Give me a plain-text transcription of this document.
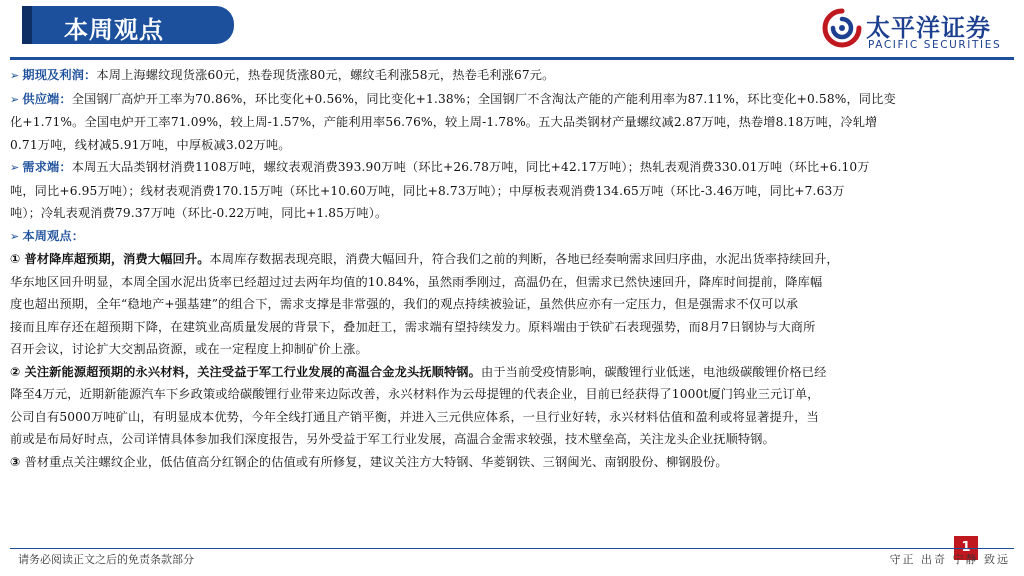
本周观点	太平洋证券
PACIFIC SECURITIES

➢ 期现及利润：本周上海螺纹现货涨60元，热卷现货涨80元，螺纹毛利涨58元，热卷毛利涨67元。

➢ 供应端：全国钢厂高炉开工率为70.86%，环比变化+0.56%，同比变化+1.38%；全国钢厂不含淘汰产能的产能利用率为87.11%，环比变化+0.58%，同比变

化+1.71%。全国电炉开工率71.09%，较上周-1.57%，产能利用率56.76%，较上周-1.78%。五大品类钢材产量螺纹减2.87万吨，热卷增8.18万吨，冷轧增

0.71万吨，线材减5.91万吨，中厚板减3.02万吨。

➢ 需求端：本周五大品类钢材消费1108万吨，螺纹表观消费393.90万吨（环比+26.78万吨，同比+42.17万吨）；热轧表观消费330.01万吨（环比+6.10万

吨，同比+6.95万吨）；线材表观消费170.15万吨（环比+10.60万吨，同比+8.73万吨）；中厚板表观消费134.65万吨（环比-3.46万吨，同比+7.63万

吨）；冷轧表观消费79.37万吨（环比-0.22万吨，同比+1.85万吨）。

➢ 本周观点：

① 普材降库超预期，消费大幅回升。本周库存数据表现亮眼，消费大幅回升，符合我们之前的判断，各地已经奏响需求回归序曲，水泥出货率持续回升，

华东地区回升明显，本周全国水泥出货率已经超过过去两年均值的10.84%，虽然雨季刚过，高温仍在，但需求已然快速回升，降库时间提前，降库幅

度也超出预期，全年“稳地产+强基建”的组合下，需求支撑是非常强的，我们的观点持续被验证，虽然供应亦有一定压力，但是强需求不仅可以承

接而且库存还在超预期下降，在建筑业高质量发展的背景下，叠加赶工，需求端有望持续发力。原料端由于铁矿石表现强势，而8月7日钢协与大商所

召开会议，讨论扩大交割品资源，或在一定程度上抑制矿价上涨。

② 关注新能源超预期的永兴材料，关注受益于军工行业发展的高温合金龙头抚顺特钢。由于当前受疫情影响，碳酸锂行业低迷，电池级碳酸锂价格已经

降至4万元，近期新能源汽车下乡政策或给碳酸锂行业带来边际改善，永兴材料作为云母提锂的代表企业，目前已经获得了1000t厦门钨业三元订单，

公司自有5000万吨矿山，有明显成本优势，今年全线打通且产销平衡，并进入三元供应体系，一旦行业好转，永兴材料估值和盈利或将显著提升，当

前或是布局好时点，公司详情具体参加我们深度报告，另外受益于军工行业发展，高温合金需求较强，技术壁垒高，关注龙头企业抚顺特钢。

③ 普材重点关注螺纹企业，低估值高分红钢企的估值或有所修复，建议关注方大特钢、华菱钢铁、三钢闽光、南钢股份、柳钢股份。

请务必阅读正文之后的免责条款部分	守正 出奇 宁静 致远
